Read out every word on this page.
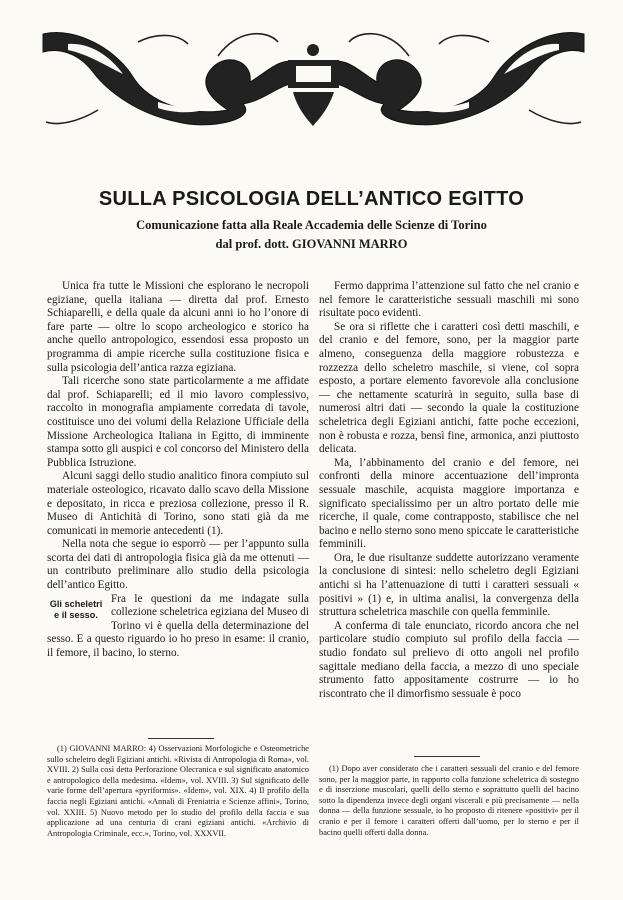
SULLA PSICOLOGIA DELL’ANTICO EGITTO

Comunicazione fatta alla Reale Accademia delle Scienze di Torino

dal prof. dott. GIOVANNI MARRO

Unica fra tutte le Missioni che esplorano le necropoli egiziane, quella italiana — diretta dal prof. Ernesto Schiaparelli, e della quale da alcuni anni io ho l’onore di fare parte — oltre lo scopo archeologico e storico ha anche quello antropologico, essendosi essa proposto un programma di ampie ricerche sulla costituzione fisica e sulla psicologia dell’antica razza egiziana.

Tali ricerche sono state particolarmente a me affidate dal prof. Schiaparelli; ed il mio lavoro complessivo, raccolto in monografia ampiamente corredata di tavole, costituisce uno dei volumi della Relazione Ufficiale della Missione Archeologica Italiana in Egitto, di imminente stampa sotto gli auspici e col concorso del Ministero della Pubblica Istruzione.

Alcuni saggi dello studio analitico finora compiuto sul materiale osteologico, ricavato dallo scavo della Missione e depositato, in ricca e preziosa collezione, presso il R. Museo di Antichità di Torino, sono stati già da me comunicati in memorie antecedenti (1).

Nella nota che segue io esporrò — per l’appunto sulla scorta dei dati di antropologia fisica già da me ottenuti — un contributo preliminare allo studio della psicologia dell’antico Egitto.

Gli scheletri e il sesso.

Fra le questioni da me indagate sulla collezione scheletrica egiziana del Museo di Torino vi è quella della determinazione del sesso. E a questo riguardo io ho preso in esame: il cranio, il femore, il bacino, lo sterno.

Fermo dapprima l’attenzione sul fatto che nel cranio e nel femore le caratteristiche sessuali maschili mi sono risultate poco evidenti.

Se ora si riflette che i caratteri così detti maschili, e del cranio e del femore, sono, per la maggior parte almeno, conseguenza della maggiore robustezza e rozzezza dello scheletro maschile, si viene, col sopra esposto, a portare elemento favorevole alla conclusione — che nettamente scaturirà in seguito, sulla base di numerosi altri dati — secondo la quale la costituzione scheletrica degli Egiziani antichi, fatte poche eccezioni, non è robusta e rozza, bensì fine, armonica, anzi piuttosto delicata.

Ma, l’abbinamento del cranio e del femore, nei confronti della minore accentuazione dell’impronta sessuale maschile, acquista maggiore importanza e significato specialissimo per un altro portato delle mie ricerche, il quale, come contrapposto, stabilisce che nel bacino e nello sterno sono meno spiccate le caratteristiche femminili.

Ora, le due risultanze suddette autorizzano veramente la conclusione di sintesi: nello scheletro degli Egiziani antichi si ha l’attenuazione di tutti i caratteri sessuali « positivi » (1) e, in ultima analisi, la convergenza della struttura scheletrica maschile con quella femminile.

A conferma di tale enunciato, ricordo ancora che nel particolare studio compiuto sul profilo della faccia — studio fondato sul prelievo di otto angoli nel profilo sagittale mediano della faccia, a mezzo di uno speciale strumento fatto appositamente costrurre — io ho riscontrato che il dimorfismo sessuale è poco

(1) GIOVANNI MARRO: 4) Osservazioni Morfologiche e Osteometriche sullo scheletro degli Egiziani antichi. «Rivista di Antropologia di Roma», vol. XVIII. 2) Sulla così detta Perforazione Olecranica e sul significato anatomico e antropologico della medesima. «Idem», vol. XVIII. 3) Sul significato delle varie forme dell’apertura «pyriformis». «Idem», vol. XIX. 4) Il profilo della faccia negli Egiziani antichi. «Annali di Freniatria e Scienze affini», Torino, vol. XXIII. 5) Nuovo metodo per lo studio del profilo della faccia e sua applicazione ad una centuria di crani egiziani antichi. «Archivio di Antropologia Criminale, ecc.», Torino, vol. XXXVII.

(1) Dopo aver considerato che i caratteri sessuali del cranio e del femore sono, per la maggior parte, in rapporto colla funzione scheletrica di sostegno e di inserzione muscolari, quelli dello sterno e soprattutto quelli del bacino sotto la dipendenza invece degli organi viscerali e più precisamente — nella donna — della funzione sessuale, io ho proposto di ritenere «positivi» per il cranio e per il femore i caratteri offerti dall’uomo, per lo sterno e per il bacino quelli offerti dalla donna.
